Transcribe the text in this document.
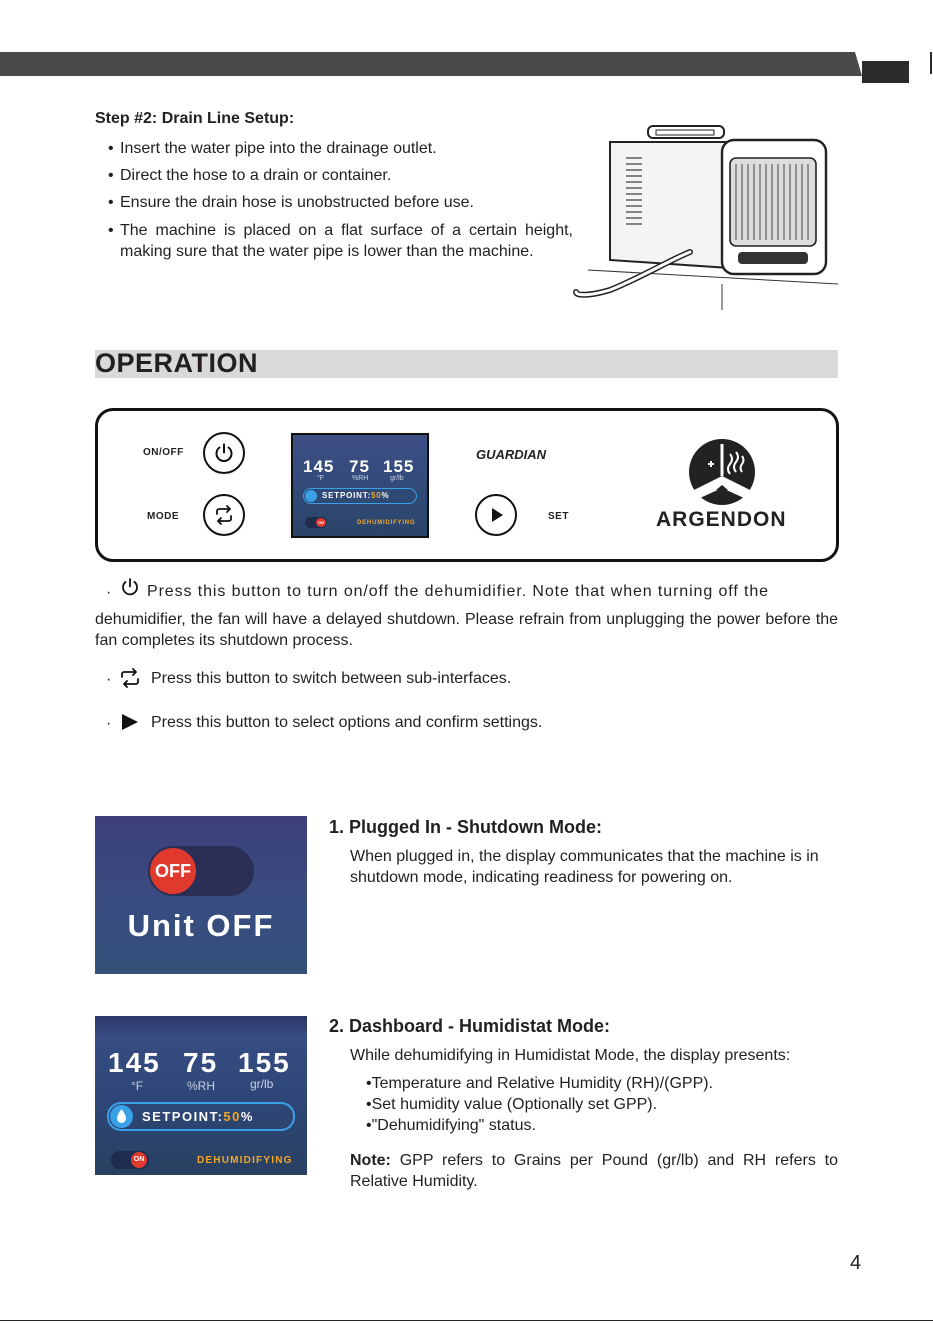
Step #2: Drain Line Setup:
• Insert the water pipe into the drainage outlet.
• Direct the hose to a drain or container.
• Ensure the drain hose is unobstructed before use.
• The machine is placed on a flat surface of a certain height, making sure that the water pipe is lower than the machine.
OPERATION
ON/OFF
MODE
145 75 155
°F	%RH	gr/lb
SETPOINT:50%
ON	DEHUMIDIFYING
GUARDIAN
SET	ARGENDON
· Press this button to turn on/off the dehumidifier. Note that when turning off the
dehumidifier, the fan will have a delayed shutdown. Please refrain from unplugging the power before the fan completes its shutdown process.
· Press this button to switch between sub-interfaces.
· Press this button to select options and confirm settings.
OFF
Unit OFF
1. Plugged In - Shutdown Mode:
When plugged in, the display communicates that the machine is in shutdown mode, indicating readiness for powering on.
145 75 155
°F	%RH	gr/lb
SETPOINT:50%
ON	DEHUMIDIFYING
2. Dashboard - Humidistat Mode:
While dehumidifying in Humidistat Mode, the display presents:
•Temperature and Relative Humidity (RH)/(GPP).
•Set humidity value (Optionally set GPP).
•"Dehumidifying" status.
Note: GPP refers to Grains per Pound (gr/lb) and RH refers to Relative Humidity.
4
